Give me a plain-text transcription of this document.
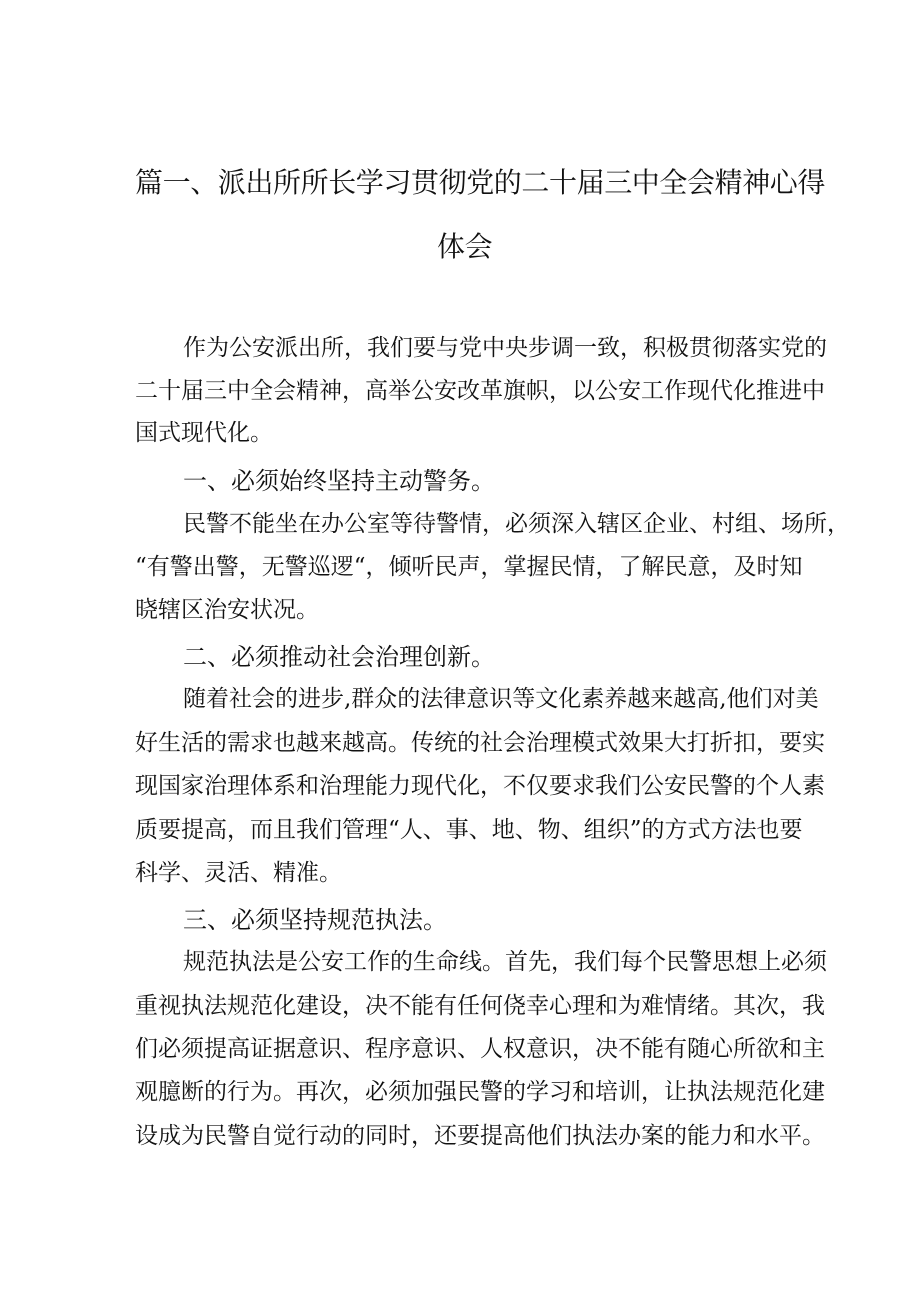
篇一、派出所所长学习贯彻党的二十届三中全会精神心得
体会
作为公安派出所，我们要与党中央步调一致，积极贯彻落实党的
二十届三中全会精神，高举公安改革旗帜，以公安工作现代化推进中
国式现代化。
一、必须始终坚持主动警务。
民警不能坐在办公室等待警情，必须深入辖区企业、村组、场所，
“有警出警，无警巡逻“，倾听民声，掌握民情，了解民意，及时知
晓辖区治安状况。
二、必须推动社会治理创新。
随着社会的进步,群众的法律意识等文化素养越来越高,他们对美
好生活的需求也越来越高。传统的社会治理模式效果大打折扣，要实
现国家治理体系和治理能力现代化，不仅要求我们公安民警的个人素
质要提高，而且我们管理“人、事、地、物、组织”的方式方法也要
科学、灵活、精准。
三、必须坚持规范执法。
规范执法是公安工作的生命线。首先，我们每个民警思想上必须
重视执法规范化建设，决不能有任何侥幸心理和为难情绪。其次，我
们必须提高证据意识、程序意识、人权意识，决不能有随心所欲和主
观臆断的行为。再次，必须加强民警的学习和培训，让执法规范化建
设成为民警自觉行动的同时，还要提高他们执法办案的能力和水平。
